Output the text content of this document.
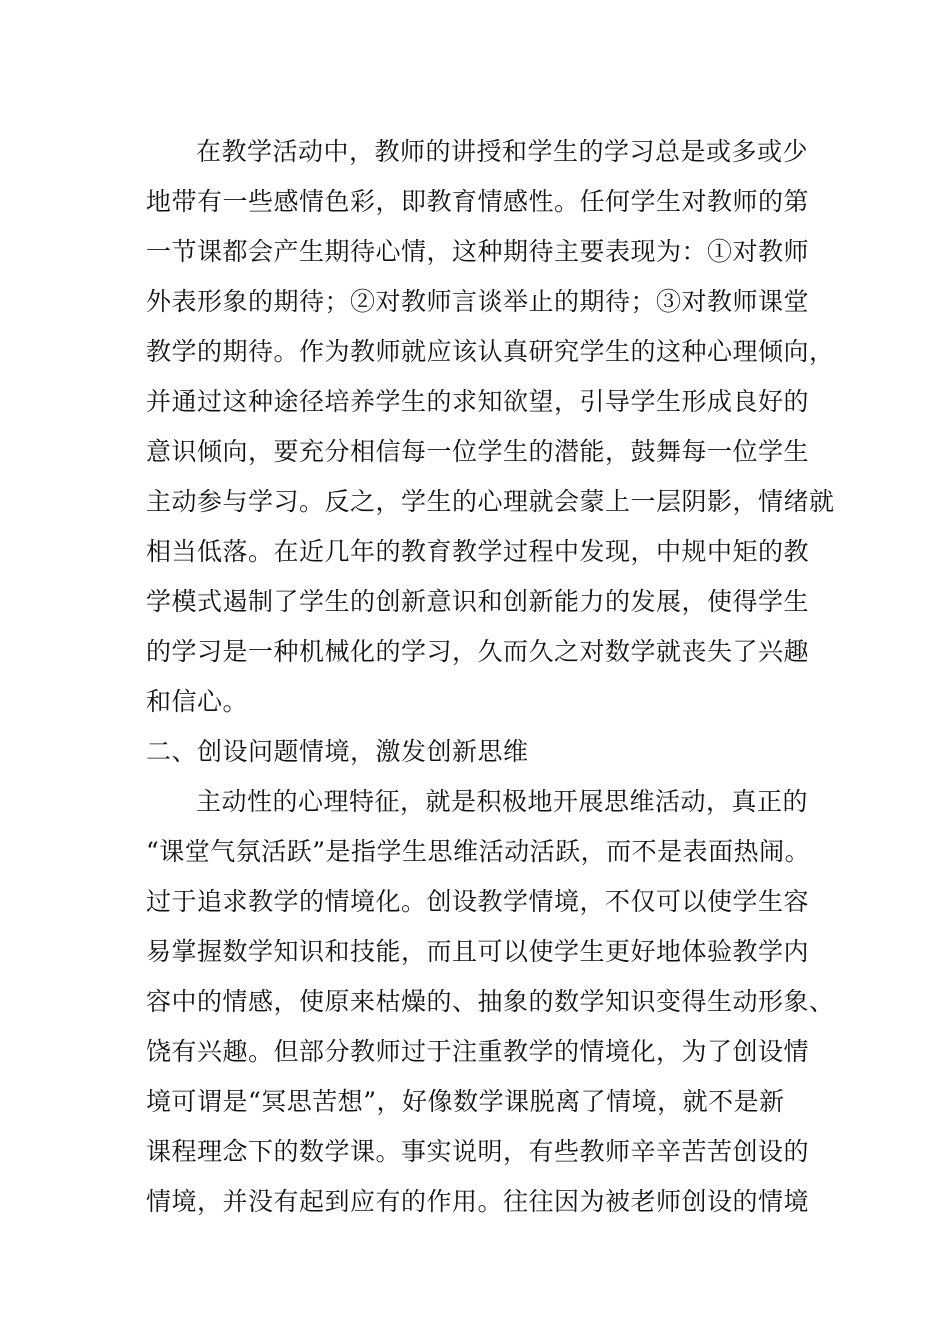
在教学活动中，教师的讲授和学生的学习总是或多或少
地带有一些感情色彩，即教育情感性。任何学生对教师的第
一节课都会产生期待心情，这种期待主要表现为：①对教师
外表形象的期待；②对教师言谈举止的期待；③对教师课堂
教学的期待。作为教师就应该认真研究学生的这种心理倾向，
并通过这种途径培养学生的求知欲望，引导学生形成良好的
意识倾向，要充分相信每一位学生的潜能，鼓舞每一位学生
主动参与学习。反之，学生的心理就会蒙上一层阴影，情绪就
相当低落。在近几年的教育教学过程中发现，中规中矩的教
学模式遏制了学生的创新意识和创新能力的发展，使得学生
的学习是一种机械化的学习，久而久之对数学就丧失了兴趣
和信心。
二、创设问题情境，激发创新思维
主动性的心理特征，就是积极地开展思维活动，真正的
“课堂气氛活跃”是指学生思维活动活跃，而不是表面热闹。
过于追求教学的情境化。创设教学情境，不仅可以使学生容
易掌握数学知识和技能，而且可以使学生更好地体验教学内
容中的情感，使原来枯燥的、抽象的数学知识变得生动形象、
饶有兴趣。但部分教师过于注重教学的情境化，为了创设情
境可谓是“冥思苦想”，好像数学课脱离了情境，就不是新
课程理念下的数学课。事实说明，有些教师辛辛苦苦创设的
情境，并没有起到应有的作用。往往因为被老师创设的情境
